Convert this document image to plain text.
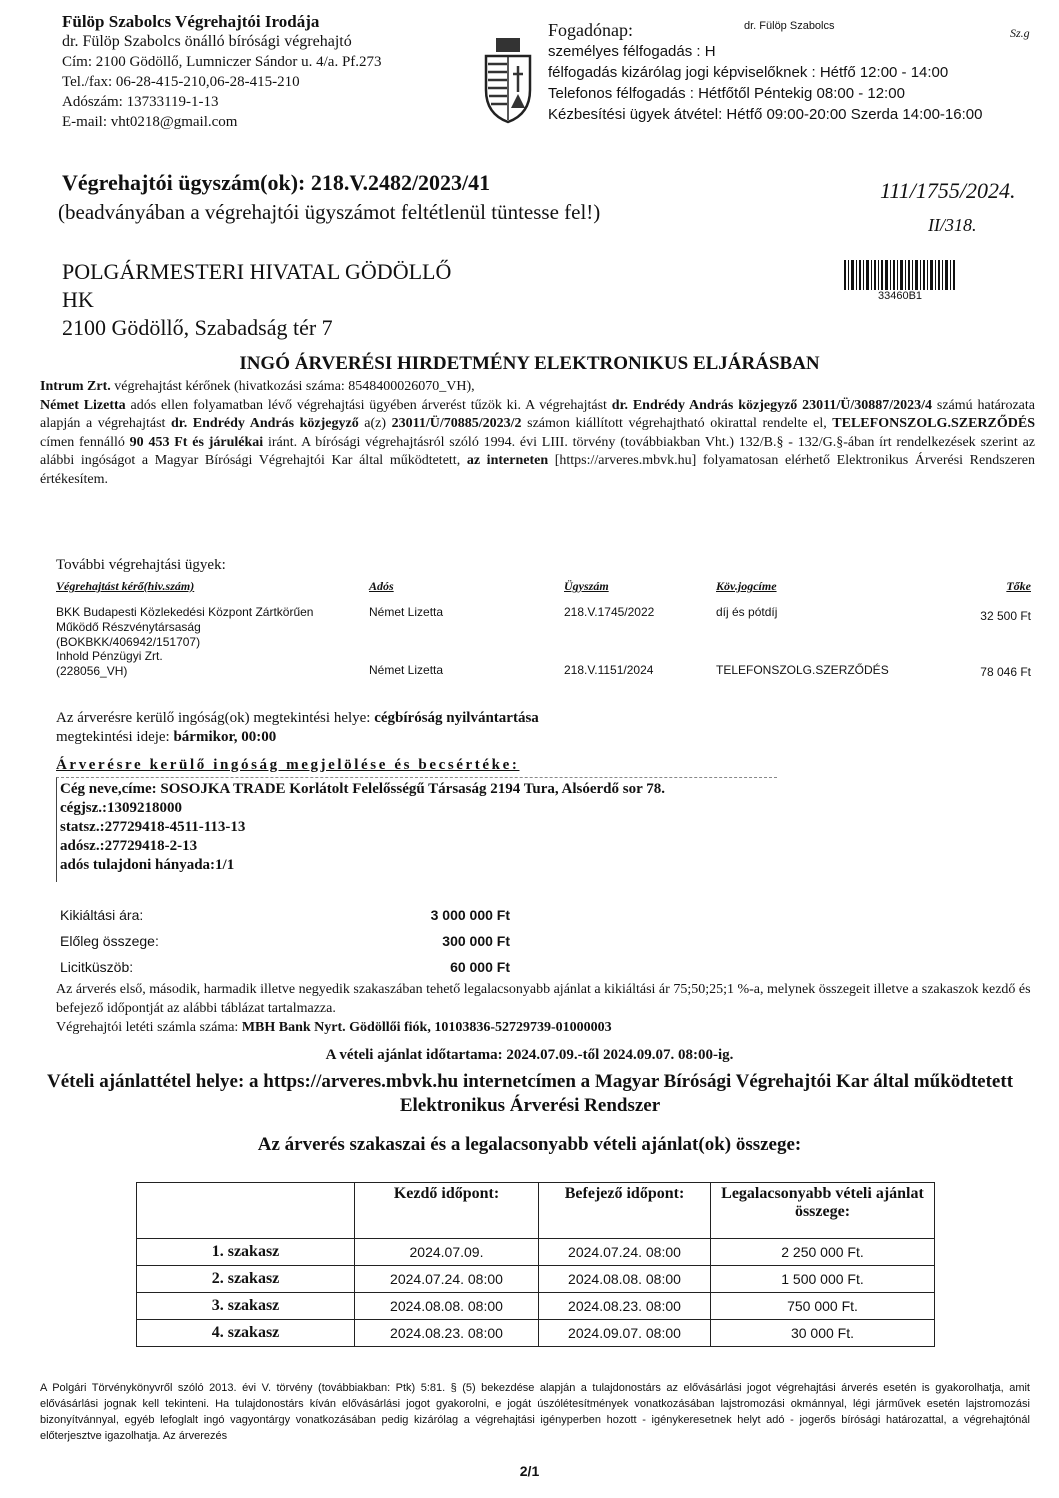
Fülöp Szabolcs Végrehajtói Irodája
dr. Fülöp Szabolcs önálló bírósági végrehajtó
Cím: 2100 Gödöllő, Lumniczer Sándor u. 4/a. Pf.273
Tel./fax: 06-28-415-210,06-28-415-210
Adószám: 13733119-1-13
E-mail: vht0218@gmail.com
Fogadónap:
személyes félfogadás : H
félfogadás kizárólag jogi képviselőknek : Hétfő 12:00 - 14:00
Telefonos félfogadás : Hétfőtől Péntekig 08:00 - 12:00
Kézbesítési ügyek átvétel: Hétfő 09:00-20:00 Szerda 14:00-16:00
dr. Fülöp Szabolcs	Sz.g
Végrehajtói ügyszám(ok): 218.V.2482/2023/41
(beadványában a végrehajtói ügyszámot feltétlenül tüntesse fel!)
111/1755/2024.
II/318.
POLGÁRMESTERI HIVATAL GÖDÖLLŐ
HK
2100 Gödöllő, Szabadság tér 7
33460B1
INGÓ ÁRVERÉSI HIRDETMÉNY ELEKTRONIKUS ELJÁRÁSBAN
Intrum Zrt. végrehajtást kérőnek (hivatkozási száma: 8548400026070_VH),
Német Lizetta adós ellen folyamatban lévő végrehajtási ügyében árverést tűzök ki. A végrehajtást dr. Endrédy András közjegyző 23011/Ü/30887/2023/4 számú határozata alapján a végrehajtást dr. Endrédy András közjegyző a(z) 23011/Ü/70885/2023/2 számon kiállított végrehajtható okirattal rendelte el, TELEFONSZOLG.SZERZŐDÉS címen fennálló 90 453 Ft és járulékai iránt. A bírósági végrehajtásról szóló 1994. évi LIII. törvény (továbbiakban Vht.) 132/B.§ - 132/G.§-ában írt rendelkezések szerint az alábbi ingóságot a Magyar Bírósági Végrehajtói Kar által működtetett, az interneten [https://arveres.mbvk.hu] folyamatosan elérhető Elektronikus Árverési Rendszeren értékesítem.
További végrehajtási ügyek:
Végrehajtást kérő(hiv.szám)	Adós	Ügyszám	Köv.jogcíme	Tőke
BKK Budapesti Közlekedési Központ Zártkörűen
Működő Részvénytársaság
(BOKBKK/406942/151707)
Német Lizetta	218.V.1745/2022	díj és pótdíj	32 500 Ft
Inhold Pénzügyi Zrt.
(228056_VH)	Német Lizetta	218.V.1151/2024	TELEFONSZOLG.SZERZŐDÉS	78 046 Ft
Az árverésre kerülő ingóság(ok) megtekintési helye: cégbíróság nyilvántartása
megtekintési ideje: bármikor, 00:00
Árverésre kerülő ingóság megjelölése és becsértéke:
Cég neve,címe: SOSOJKA TRADE Korlátolt Felelősségű Társaság 2194 Tura, Alsóerdő sor 78.
cégjsz.:1309218000
statsz.:27729418-4511-113-13
adósz.:27729418-2-13
adós tulajdoni hányada:1/1
Kikiáltási ára:	3 000 000 Ft
Előleg összege:	300 000 Ft
Licitküszöb:	60 000 Ft
Az árverés első, második, harmadik illetve negyedik szakaszában tehető legalacsonyabb ajánlat a kikiáltási ár 75;50;25;1 %-a, melynek összegeit illetve a szakaszok kezdő és befejező időpontját az alábbi táblázat tartalmazza.
Végrehajtói letéti számla száma: MBH Bank Nyrt. Gödöllői fiók, 10103836-52729739-01000003
A vételi ajánlat időtartama: 2024.07.09.-től 2024.09.07. 08:00-ig.
Vételi ajánlattétel helye: a https://arveres.mbvk.hu internetcímen a Magyar Bírósági Végrehajtói Kar által működtetett Elektronikus Árverési Rendszer
Az árverés szakaszai és a legalacsonyabb vételi ajánlat(ok) összege:
	Kezdő időpont:	Befejező időpont:	Legalacsonyabb vételi ajánlat összege:
1. szakasz	2024.07.09.	2024.07.24. 08:00	2 250 000 Ft.
2. szakasz	2024.07.24. 08:00	2024.08.08. 08:00	1 500 000 Ft.
3. szakasz	2024.08.08. 08:00	2024.08.23. 08:00	750 000 Ft.
4. szakasz	2024.08.23. 08:00	2024.09.07. 08:00	30 000 Ft.
A Polgári Törvénykönyvről szóló 2013. évi V. törvény (továbbiakban: Ptk) 5:81. § (5) bekezdése alapján a tulajdonostárs az elővásárlási jogot végrehajtási árverés esetén is gyakorolhatja, amit elővásárlási jognak kell tekinteni. Ha tulajdonostárs kíván elővásárlási jogot gyakorolni, e jogát úszólétesítmények vonatkozásában lajstromozási okmánnyal, légi járművek esetén lajstromozási bizonyítvánnyal, egyéb lefoglalt ingó vagyontárgy vonatkozásában pedig kizárólag a végrehajtási igényperben hozott - igénykeresetnek helyt adó - jogerős bírósági határozattal, a végrehajtónál előterjesztve igazolhatja. Az árverezés
2/1
